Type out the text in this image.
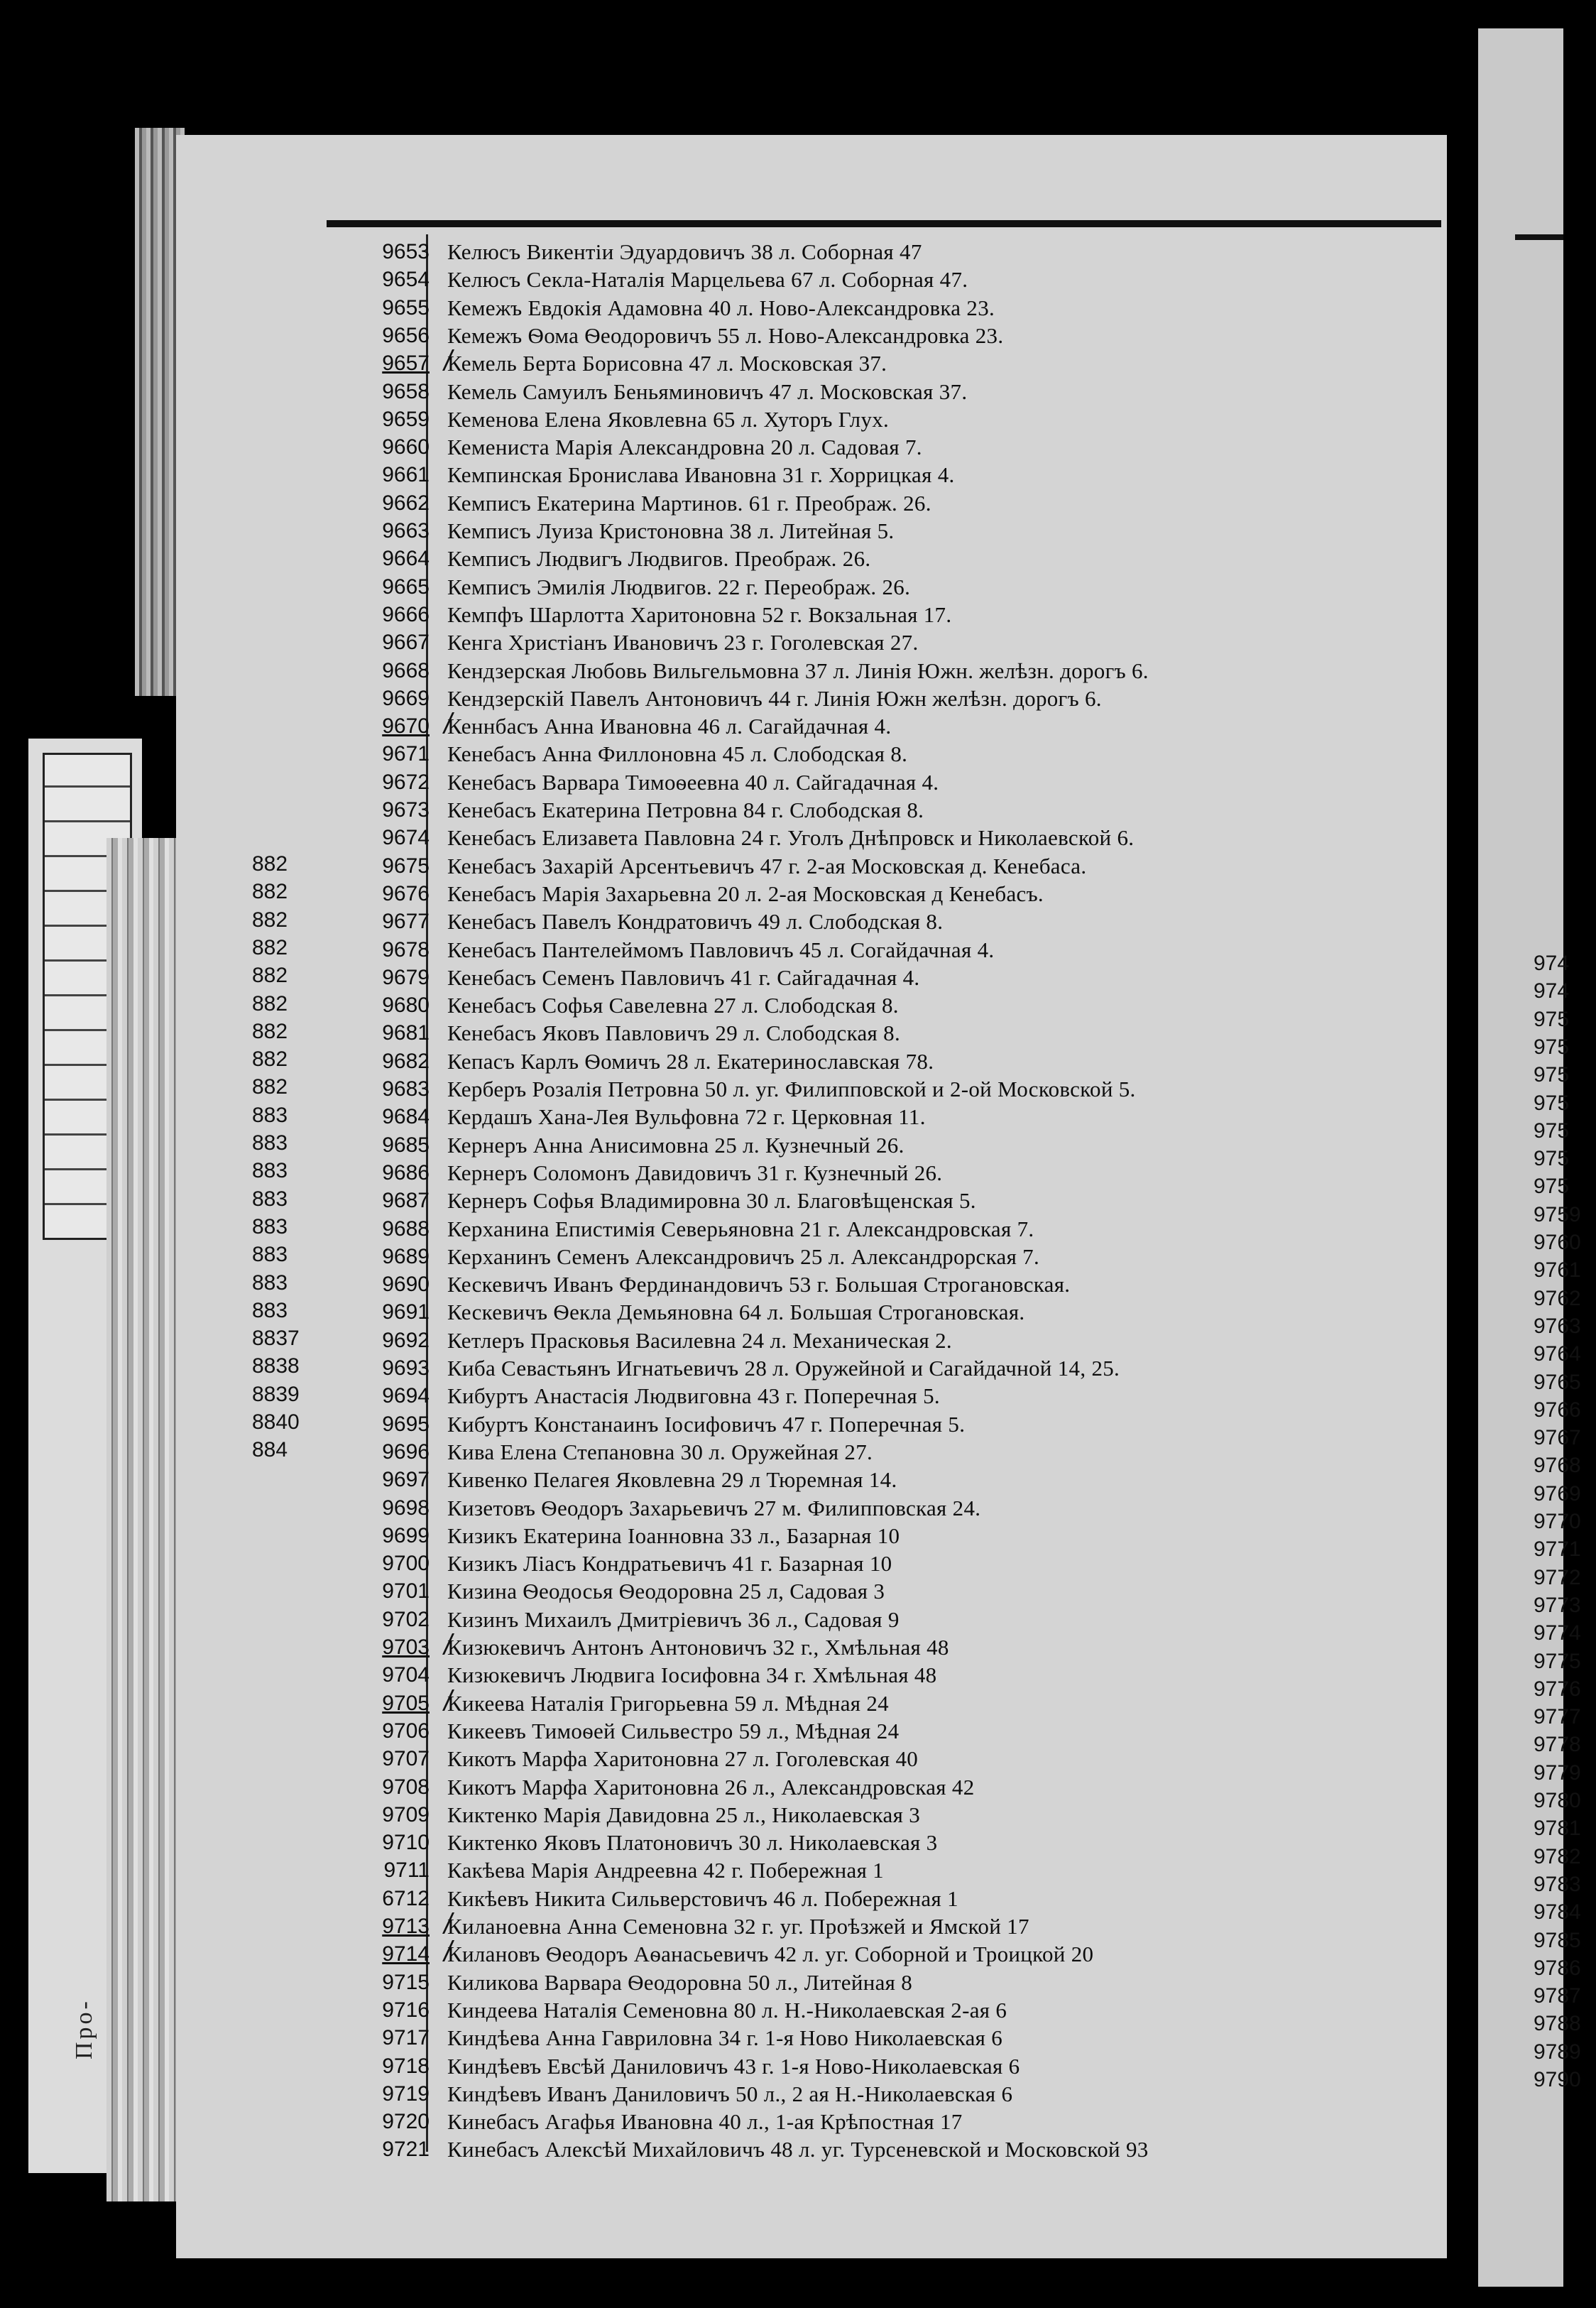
Про-
882
882
882
882
882
882
882
882
882
883
883
883
883
883
883
883
883
8837
8838
8839
8840
884
974
974
975
975
975
975
975
975
975
9759
9760
9761
9762
9763
9764
9765
9766
9767
9768
9769
9770
9771
9772
9773
9774
9775
9776
9777
9778
9779
9780
9781
9782
9783
9784
9785
9786
9787
9788
9789
9790
9653 Келюсъ Викентіи Эдуардовичъ 38 л. Соборная 47
9654 Келюсъ Секла-Наталія Марцельева 67 л. Соборная 47.
9655 Кемежъ Евдокія Адамовна 40 л. Ново-Александровка 23.
9656 Кемежъ Ѳома Ѳеодоровичъ 55 л. Ново-Александровка 23.
9657 Кемель Берта Борисовна 47 л. Московская 37.
9658 Кемель Самуилъ Беньяминовичъ 47 л. Московская 37.
9659 Кеменова Елена Яковлевна 65 л. Хуторъ Глух.
9660 Кемениста Марія Александровна 20 л. Садовая 7.
9661 Кемпинская Бронислава Ивановна 31 г. Хоррицкая 4.
9662 Кемписъ Екатерина Мартинов. 61 г. Преображ. 26.
9663 Кемписъ Луиза Кристоновна 38 л. Литейная 5.
9664 Кемписъ Людвигъ Людвигов. Преображ. 26.
9665 Кемписъ Эмилія Людвигов. 22 г. Переображ. 26.
9666 Кемпфъ Шарлотта Харитоновна 52 г. Вокзальная 17.
9667 Кенга Христіанъ Ивановичъ 23 г. Гоголевская 27.
9668 Кендзерская Любовь Вильгельмовна 37 л. Линія Южн. желѣзн. дорогъ 6.
9669 Кендзерскій Павелъ Антоновичъ 44 г. Линія Южн желѣзн. дорогъ 6.
9670 Кеннбасъ Анна Ивановна 46 л. Сагайдачная 4.
9671 Кенебасъ Анна Филлоновна 45 л. Слободская 8.
9672 Кенебасъ Варвара Тимоѳеевна 40 л. Сайгадачная 4.
9673 Кенебасъ Екатерина Петровна 84 г. Слободская 8.
9674 Кенебасъ Елизавета Павловна 24 г. Уголъ Днѣпровск и Николаевской 6.
9675 Кенебасъ Захарій Арсентьевичъ 47 г. 2-ая Московская д. Кенебаса.
9676 Кенебасъ Марія Захарьевна 20 л. 2-ая Московская д Кенебасъ.
9677 Кенебасъ Павелъ Кондратовичъ 49 л. Слободская 8.
9678 Кенебасъ Пантелеймомъ Павловичъ 45 л. Согайдачная 4.
9679 Кенебасъ Семенъ Павловичъ 41 г. Сайгадачная 4.
9680 Кенебасъ Софья Савелевна 27 л. Слободская 8.
9681 Кенебасъ Яковъ Павловичъ 29 л. Слободская 8.
9682 Кепасъ Карлъ Ѳомичъ 28 л. Екатеринославская 78.
9683 Керберъ Розалія Петровна 50 л. уг. Филипповской и 2-ой Московской 5.
9684 Кердашъ Хана-Лея Вульфовна 72 г. Церковная 11.
9685 Кернеръ Анна Анисимовна 25 л. Кузнечный 26.
9686 Кернеръ Соломонъ Давидовичъ 31 г. Кузнечный 26.
9687 Кернеръ Софья Владимировна 30 л. Благовѣщенская 5.
9688 Керханина Епистимія Северьяновна 21 г. Александровская 7.
9689 Керханинъ Семенъ Александровичъ 25 л. Александрорская 7.
9690 Кескевичъ Иванъ Фердинандовичъ 53 г. Большая Строгановская.
9691 Кескевичъ Ѳекла Демьяновна 64 л. Большая Строгановская.
9692 Кетлеръ Прасковья Василевна 24 л. Механическая 2.
9693 Киба Севастьянъ Игнатьевичъ 28 л. Оружейной и Сагайдачной 14, 25.
9694 Кибуртъ Анастасія Людвиговна 43 г. Поперечная 5.
9695 Кибуртъ Констанаинъ Іосифовичъ 47 г. Поперечная 5.
9696 Кива Елена Степановна 30 л. Оружейная 27.
9697 Кивенко Пелагея Яковлевна 29 л Тюремная 14.
9698 Кизетовъ Ѳеодоръ Захарьевичъ 27 м. Филипповская 24.
9699 Кизикъ Екатерина Іоанновна 33 л., Базарная 10
9700 Кизикъ Ліасъ Кондратьевичъ 41 г. Базарная 10
9701 Кизина Ѳеодосья Ѳеодоровна 25 л, Садовая 3
9702 Кизинъ Михаилъ Дмитріевичъ 36 л., Садовая 9
9703 Кизюкевичъ Антонъ Антоновичъ 32 г., Хмѣльная 48
9704 Кизюкевичъ Людвига Іосифовна 34 г. Хмѣльная 48
9705 Кикеева Наталія Григорьевна 59 л. Мѣдная 24
9706 Кикеевъ Тимоѳей Сильвестро 59 л., Мѣдная 24
9707 Кикотъ Марфа Харитоновна 27 л. Гоголевская 40
9708 Кикотъ Марфа Харитоновна 26 л., Александровская 42
9709 Киктенко Марія Давидовна 25 л., Николаевская 3
9710 Киктенко Яковъ Платоновичъ 30 л. Николаевская 3
9711 Какѣева Марія Андреевна 42 г. Побережная 1
6712 Кикѣевъ Никита Сильверстовичъ 46 л. Побережная 1
9713 Киланоевна Анна Семеновна 32 г. уг. Проѣзжей и Ямской 17
9714 Килановъ Ѳеодоръ Аѳанасьевичъ 42 л. уг. Соборной и Троицкой 20
9715 Киликова Варвара Ѳеодоровна 50 л., Литейная 8
9716 Киндеева Наталія Семеновна 80 л. Н.-Николаевская 2-ая 6
9717 Киндѣева Анна Гавриловна 34 г. 1-я Ново Николаевская 6
9718 Киндѣевъ Евсѣй Даниловичъ 43 г. 1-я Ново-Николаевская 6
9719 Киндѣевъ Иванъ Даниловичъ 50 л., 2 ая Н.-Николаевская 6
9720 Кинебасъ Агафья Ивановна 40 л., 1-ая Крѣпостная 17
9721 Кинебасъ Алексѣй Михайловичъ 48 л. уг. Турсеневской и Московской 93
